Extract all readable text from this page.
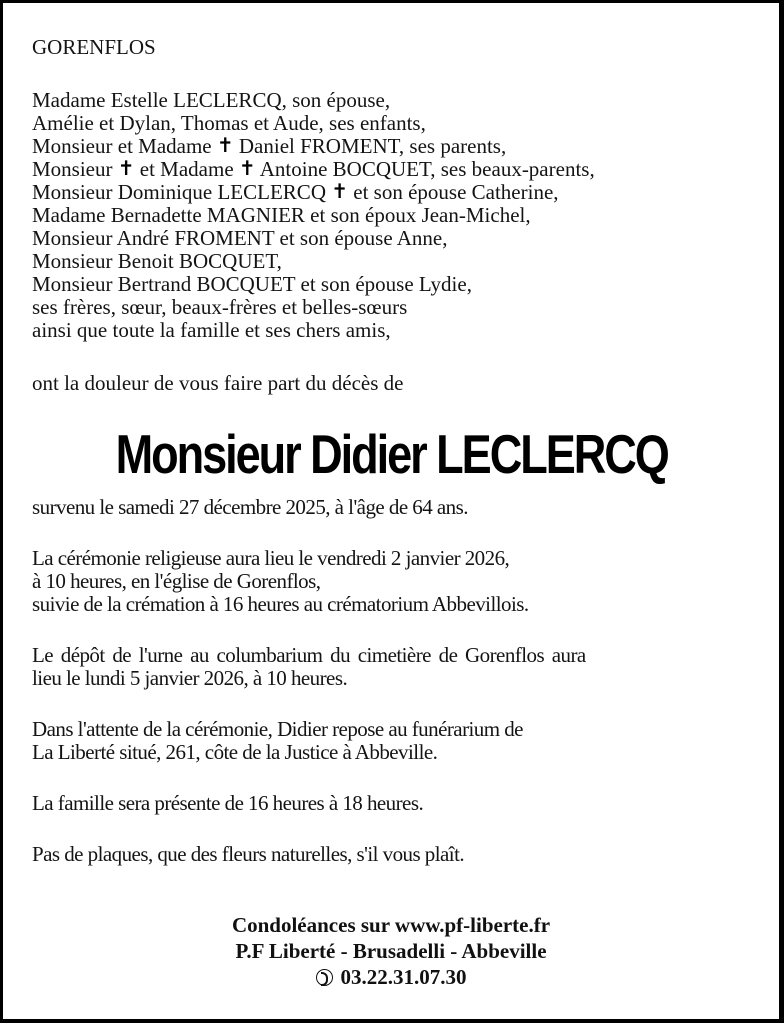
GORENFLOS
Madame Estelle LECLERCQ, son épouse,
Amélie et Dylan, Thomas et Aude, ses enfants,
Monsieur et Madame ✝ Daniel FROMENT, ses parents,
Monsieur ✝ et Madame ✝ Antoine BOCQUET, ses beaux-parents,
Monsieur Dominique LECLERCQ ✝ et son épouse Catherine,
Madame Bernadette MAGNIER et son époux Jean-Michel,
Monsieur André FROMENT et son épouse Anne,
Monsieur Benoit BOCQUET,
Monsieur Bertrand BOCQUET et son épouse Lydie,
ses frères, sœur, beaux-frères et belles-sœurs
ainsi que toute la famille et ses chers amis,
ont la douleur de vous faire part du décès de
Monsieur Didier LECLERCQ
survenu le samedi 27 décembre 2025, à l'âge de 64 ans.
La cérémonie religieuse aura lieu le vendredi 2 janvier 2026,
à 10 heures, en l'église de Gorenflos,
suivie de la crémation à 16 heures au crématorium Abbevillois.
Le dépôt de l'urne au columbarium du cimetière de Gorenflos aura
lieu le lundi 5 janvier 2026, à 10 heures.
Dans l'attente de la cérémonie, Didier repose au funérarium de
La Liberté situé, 261, côte de la Justice à Abbeville.
La famille sera présente de 16 heures à 18 heures.
Pas de plaques, que des fleurs naturelles, s'il vous plaît.
Condoléances sur www.pf-liberte.fr
P.F Liberté - Brusadelli - Abbeville
03.22.31.07.30
